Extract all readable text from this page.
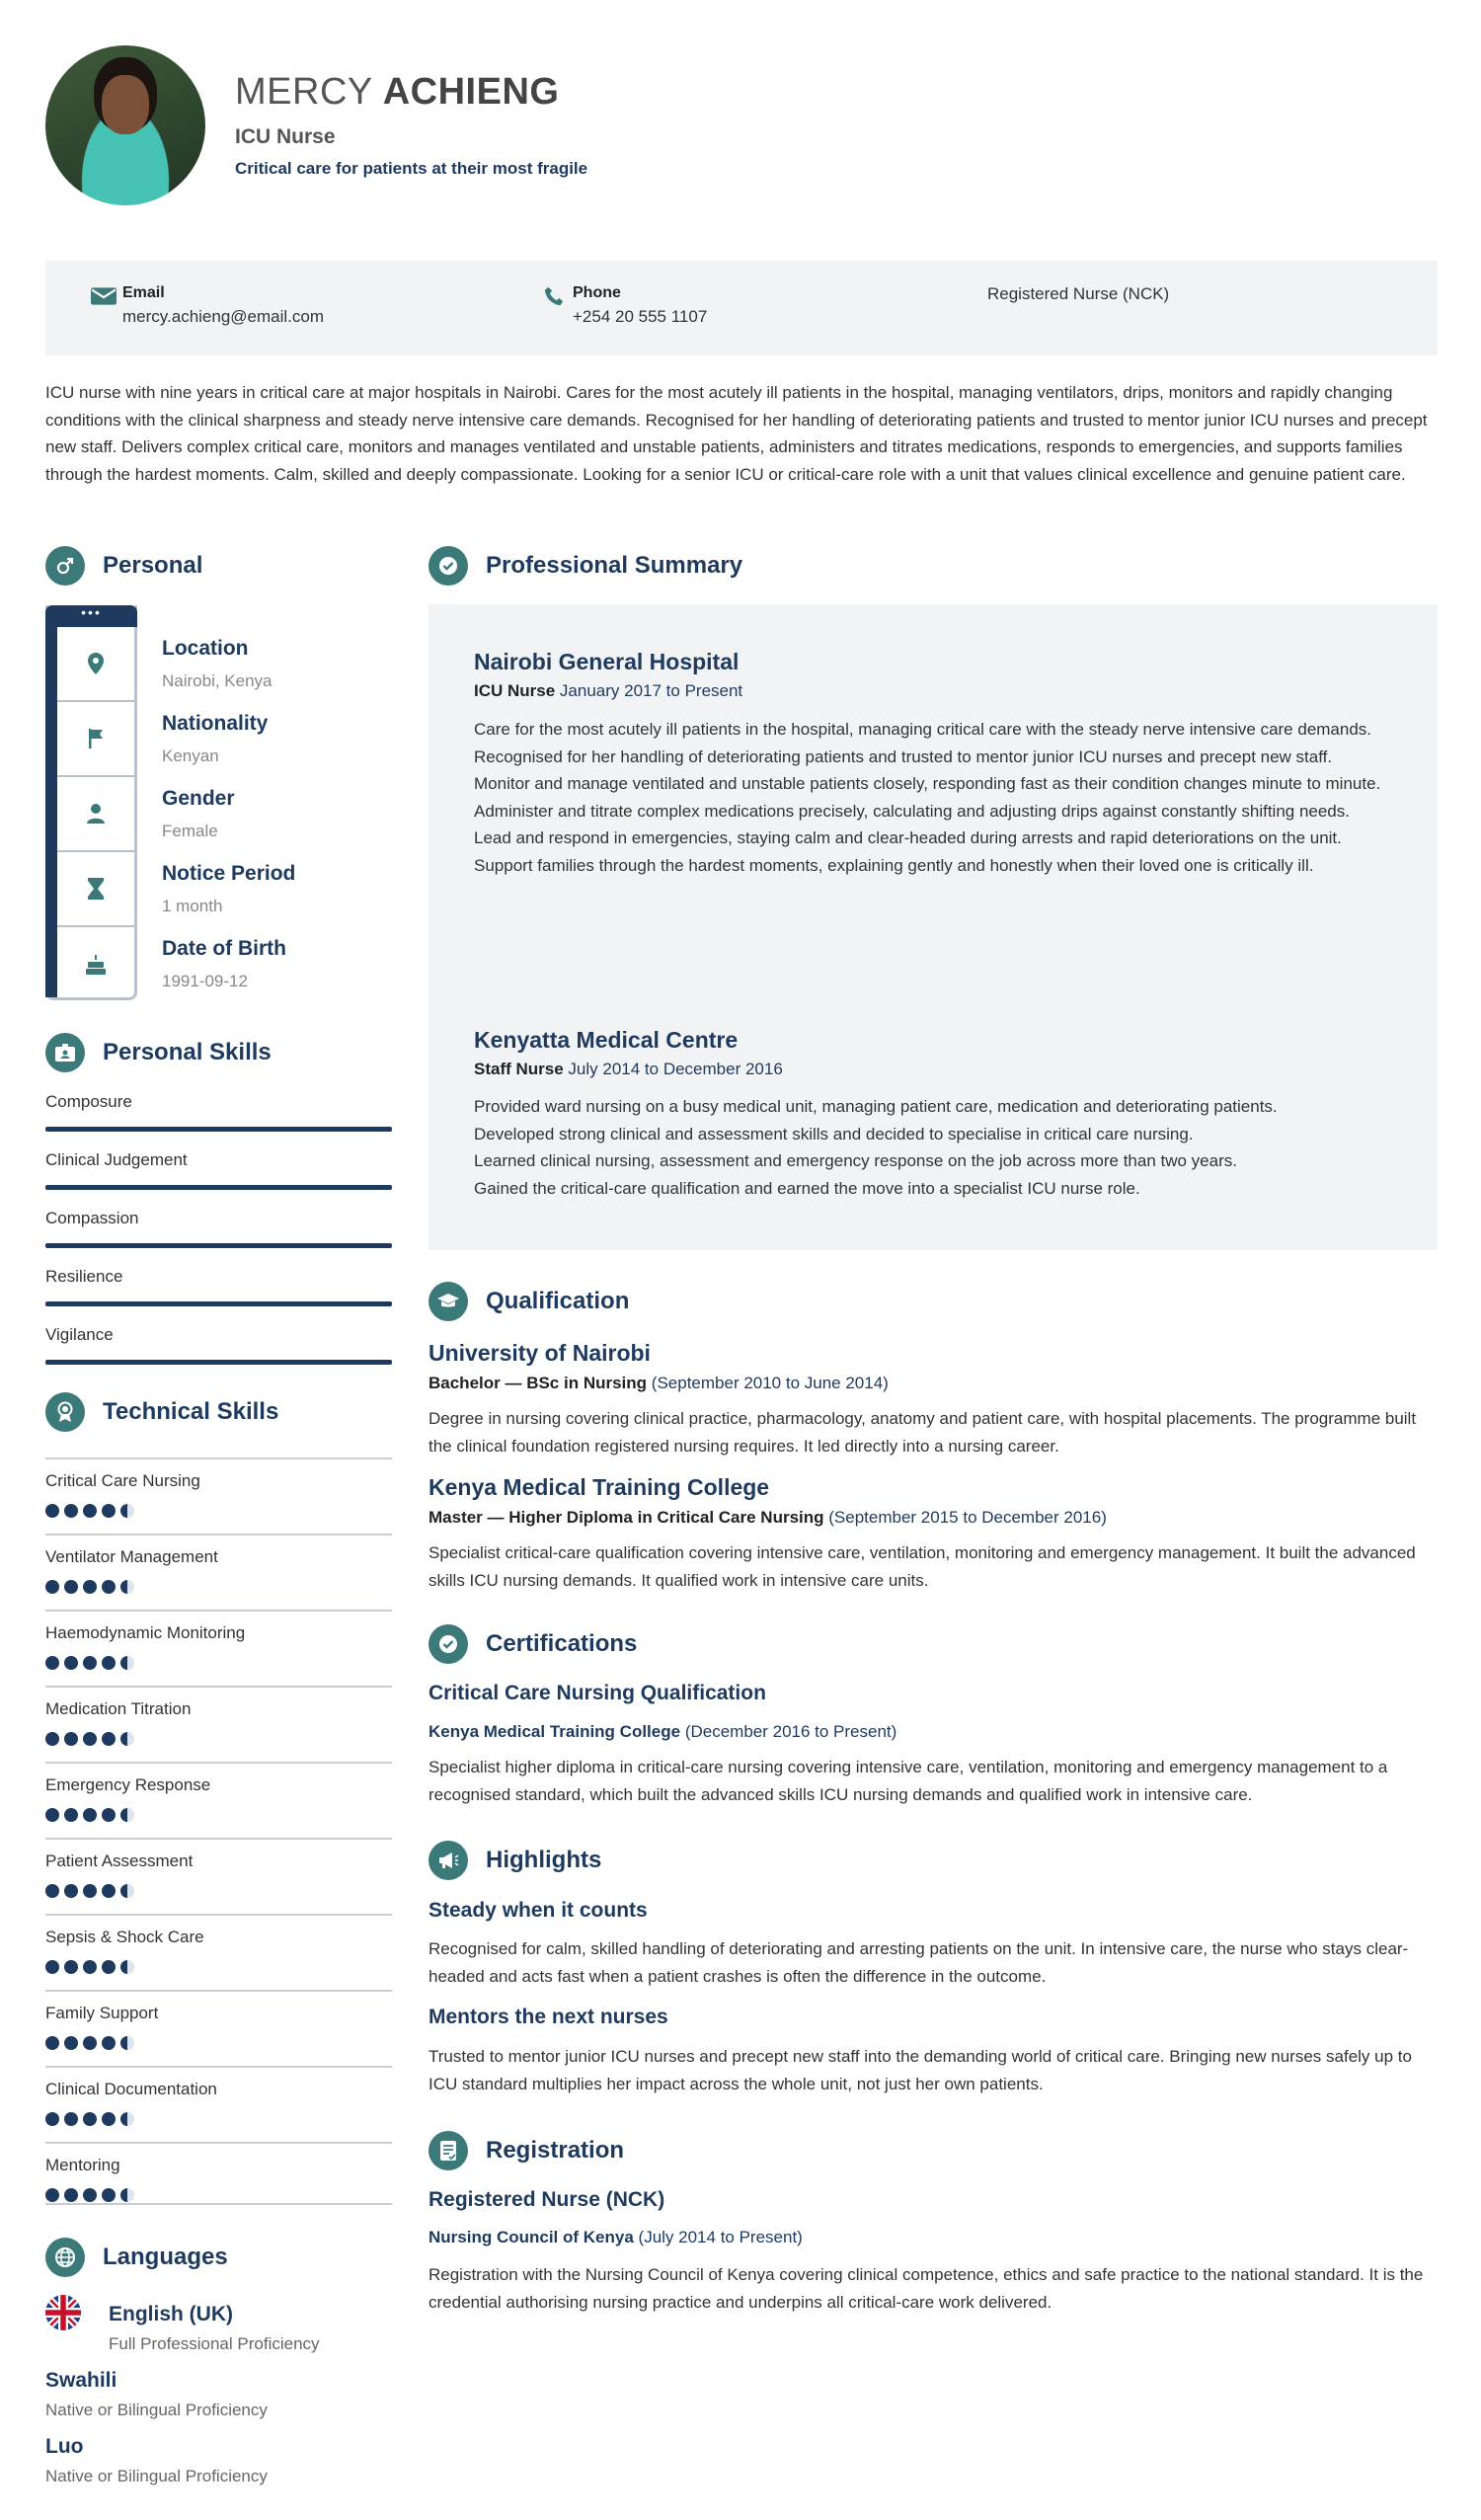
MERCY ACHIENG
ICU Nurse
Critical care for patients at their most fragile
Email
mercy.achieng@email.com
Phone
+254 20 555 1107
Registered Nurse (NCK)
ICU nurse with nine years in critical care at major hospitals in Nairobi. Cares for the most acutely ill patients in the hospital, managing ventilators, drips, monitors and rapidly changing conditions with the clinical sharpness and steady nerve intensive care demands. Recognised for her handling of deteriorating patients and trusted to mentor junior ICU nurses and precept new staff. Delivers complex critical care, monitors and manages ventilated and unstable patients, administers and titrates medications, responds to emergencies, and supports families through the hardest moments. Calm, skilled and deeply compassionate. Looking for a senior ICU or critical-care role with a unit that values clinical excellence and genuine patient care.
Personal
•••
Location
Nairobi, Kenya
Nationality
Kenyan
Gender
Female
Notice Period
1 month
Date of Birth
1991-09-12
Personal Skills
Composure
Clinical Judgement
Compassion
Resilience
Vigilance
Technical Skills
Critical Care Nursing
Ventilator Management
Haemodynamic Monitoring
Medication Titration
Emergency Response
Patient Assessment
Sepsis & Shock Care
Family Support
Clinical Documentation
Mentoring
Languages
English (UK)
Full Professional Proficiency
Swahili
Native or Bilingual Proficiency
Luo
Native or Bilingual Proficiency
Professional Summary
Nairobi General Hospital
ICU Nurse January 2017 to Present
Care for the most acutely ill patients in the hospital, managing critical care with the steady nerve intensive care demands.
Recognised for her handling of deteriorating patients and trusted to mentor junior ICU nurses and precept new staff.
Monitor and manage ventilated and unstable patients closely, responding fast as their condition changes minute to minute.
Administer and titrate complex medications precisely, calculating and adjusting drips against constantly shifting needs.
Lead and respond in emergencies, staying calm and clear-headed during arrests and rapid deteriorations on the unit.
Support families through the hardest moments, explaining gently and honestly when their loved one is critically ill.
Kenyatta Medical Centre
Staff Nurse July 2014 to December 2016
Provided ward nursing on a busy medical unit, managing patient care, medication and deteriorating patients.
Developed strong clinical and assessment skills and decided to specialise in critical care nursing.
Learned clinical nursing, assessment and emergency response on the job across more than two years.
Gained the critical-care qualification and earned the move into a specialist ICU nurse role.
Qualification
University of Nairobi
Bachelor — BSc in Nursing (September 2010 to June 2014)
Degree in nursing covering clinical practice, pharmacology, anatomy and patient care, with hospital placements. The programme built the clinical foundation registered nursing requires. It led directly into a nursing career.
Kenya Medical Training College
Master — Higher Diploma in Critical Care Nursing (September 2015 to December 2016)
Specialist critical-care qualification covering intensive care, ventilation, monitoring and emergency management. It built the advanced skills ICU nursing demands. It qualified work in intensive care units.
Certifications
Critical Care Nursing Qualification
Kenya Medical Training College (December 2016 to Present)
Specialist higher diploma in critical-care nursing covering intensive care, ventilation, monitoring and emergency management to a recognised standard, which built the advanced skills ICU nursing demands and qualified work in intensive care.
Highlights
Steady when it counts
Recognised for calm, skilled handling of deteriorating and arresting patients on the unit. In intensive care, the nurse who stays clear-headed and acts fast when a patient crashes is often the difference in the outcome.
Mentors the next nurses
Trusted to mentor junior ICU nurses and precept new staff into the demanding world of critical care. Bringing new nurses safely up to ICU standard multiplies her impact across the whole unit, not just her own patients.
Registration
Registered Nurse (NCK)
Nursing Council of Kenya (July 2014 to Present)
Registration with the Nursing Council of Kenya covering clinical competence, ethics and safe practice to the national standard. It is the credential authorising nursing practice and underpins all critical-care work delivered.
